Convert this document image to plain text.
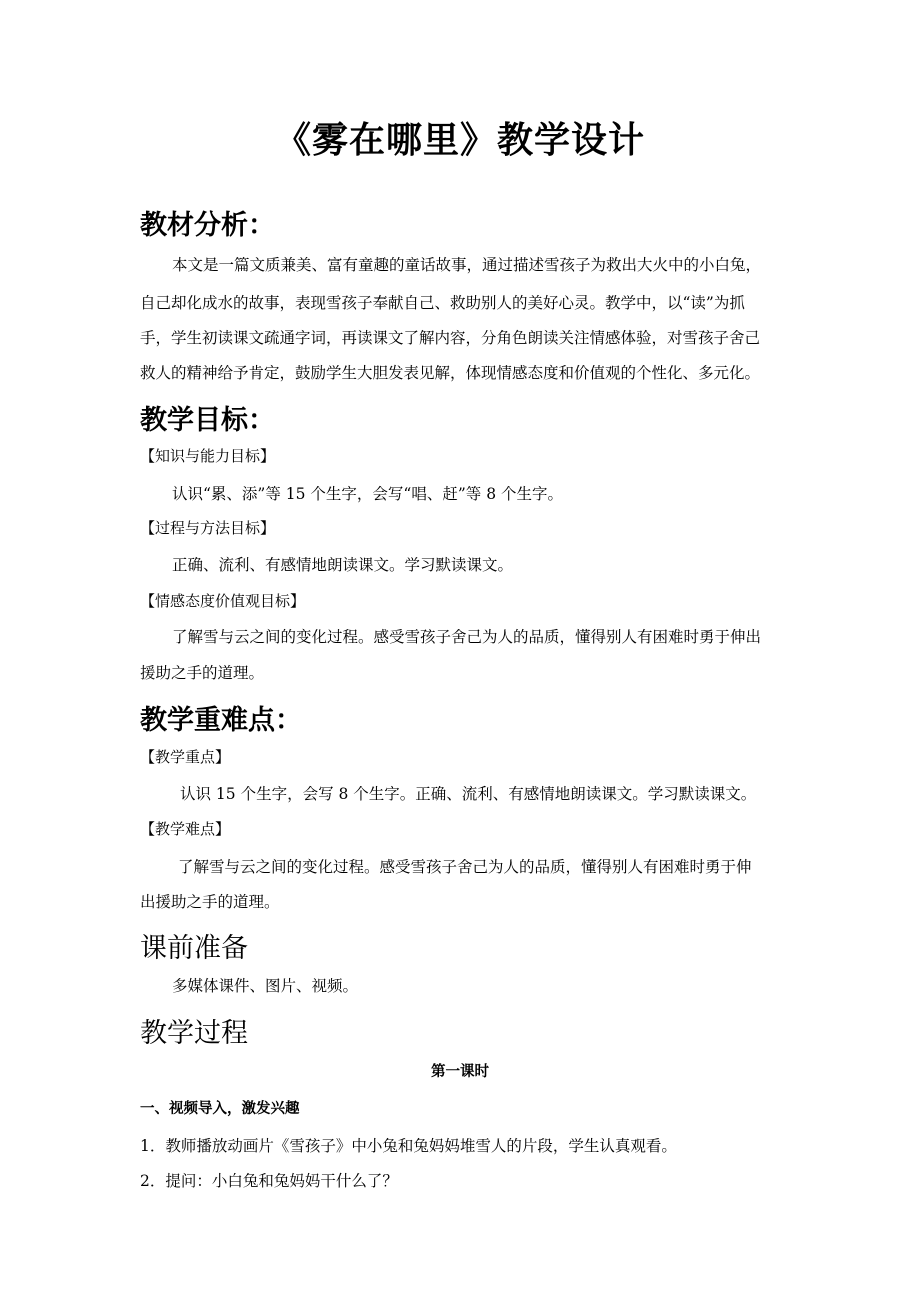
《雾在哪里》教学设计
教材分析：
本文是一篇文质兼美、富有童趣的童话故事，通过描述雪孩子为救出大火中的小白兔，
自己却化成水的故事，表现雪孩子奉献自己、救助别人的美好心灵。教学中，以“读”为抓
手，学生初读课文疏通字词，再读课文了解内容，分角色朗读关注情感体验，对雪孩子舍己
救人的精神给予肯定，鼓励学生大胆发表见解，体现情感态度和价值观的个性化、多元化。
教学目标：
【知识与能力目标】
认识“累、添”等 15 个生字，会写“唱、赶”等 8 个生字。
【过程与方法目标】
正确、流利、有感情地朗读课文。学习默读课文。
【情感态度价值观目标】
了解雪与云之间的变化过程。感受雪孩子舍己为人的品质，懂得别人有困难时勇于伸出
援助之手的道理。
教学重难点：
【教学重点】
认识 15 个生字，会写 8 个生字。正确、流利、有感情地朗读课文。学习默读课文。
【教学难点】
了解雪与云之间的变化过程。感受雪孩子舍己为人的品质，懂得别人有困难时勇于伸
出援助之手的道理。
课前准备
多媒体课件、图片、视频。
教学过程
第一课时
一、视频导入，激发兴趣
1．教师播放动画片《雪孩子》中小兔和兔妈妈堆雪人的片段，学生认真观看。
2．提问：小白兔和兔妈妈干什么了？
